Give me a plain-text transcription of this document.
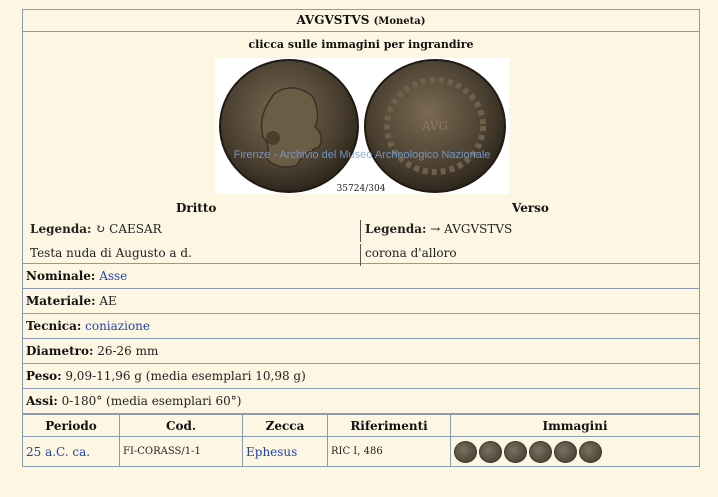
AVGVSTVS (Moneta)
clicca sulle immagini per ingrandire
AVG
Firenze - Archivio del Museo Archeologico Nazionale
35724/304
Dritto	Verso
Legenda: ↻ CAESAR	Legenda: → AVGVSTVS
Testa nuda di Augusto a d.	corona d'alloro
Nominale: Asse
Materiale: AE
Tecnica: coniazione
Diametro: 26-26 mm
Peso: 9,09-11,96 g (media esemplari 10,98 g)
Assi: 0-180° (media esemplari 60°)
Periodo	Cod.	Zecca	Riferimenti	Immagini
25 a.C. ca.	FI-CORASS/1-1	Ephesus	RIC I, 486	
